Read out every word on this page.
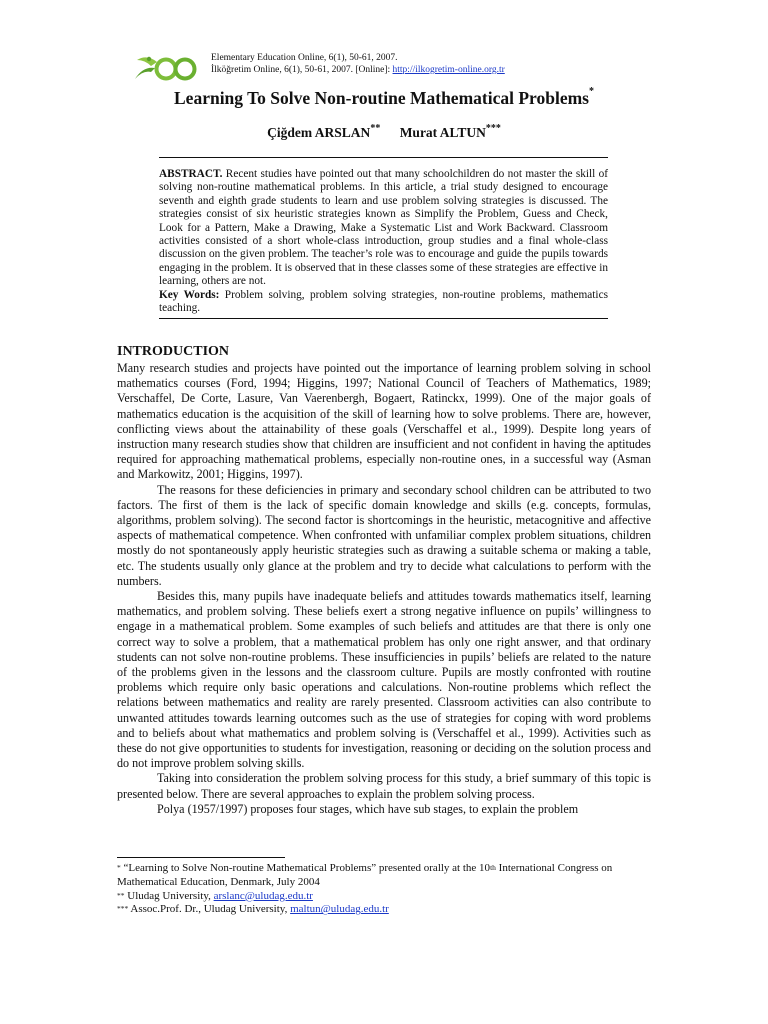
Elementary Education Online, 6(1), 50-61, 2007.
İlköğretim Online, 6(1), 50-61, 2007. [Online]: http://ilkogretim-online.org.tr
Learning To Solve Non-routine Mathematical Problems*
Çiğdem ARSLAN** Murat ALTUN***

ABSTRACT. Recent studies have pointed out that many schoolchildren do not master the skill of solving non-routine mathematical problems. In this article, a trial study designed to encourage seventh and eighth grade students to learn and use problem solving strategies is discussed. The strategies consist of six heuristic strategies known as Simplify the Problem, Guess and Check, Look for a Pattern, Make a Drawing, Make a Systematic List and Work Backward. Classroom activities consisted of a short whole-class introduction, group studies and a final whole-class discussion on the given problem. The teacher’s role was to encourage and guide the pupils towards engaging in the problem. It is observed that in these classes some of these strategies are effective in learning, others are not.

Key Words: Problem solving, problem solving strategies, non-routine problems, mathematics teaching.

INTRODUCTION

Many research studies and projects have pointed out the importance of learning problem solving in school mathematics courses (Ford, 1994; Higgins, 1997; National Council of Teachers of Mathematics, 1989; Verschaffel, De Corte, Lasure, Van Vaerenbergh, Bogaert, Ratinckx, 1999). One of the major goals of mathematics education is the acquisition of the skill of learning how to solve problems. There are, however, conflicting views about the attainability of these goals (Verschaffel et al., 1999). Despite long years of instruction many research studies show that children are insufficient and not confident in having the aptitudes required for approaching mathematical problems, especially non-routine ones, in a successful way (Asman and Markowitz, 2001; Higgins, 1997).

The reasons for these deficiencies in primary and secondary school children can be attributed to two factors. The first of them is the lack of specific domain knowledge and skills (e.g. concepts, formulas, algorithms, problem solving). The second factor is shortcomings in the heuristic, metacognitive and affective aspects of mathematical competence. When confronted with unfamiliar complex problem situations, children mostly do not spontaneously apply heuristic strategies such as drawing a suitable schema or making a table, etc. The students usually only glance at the problem and try to decide what calculations to perform with the numbers.

Besides this, many pupils have inadequate beliefs and attitudes towards mathematics itself, learning mathematics, and problem solving. These beliefs exert a strong negative influence on pupils’ willingness to engage in a mathematical problem. Some examples of such beliefs and attitudes are that there is only one correct way to solve a problem, that a mathematical problem has only one right answer, and that ordinary students can not solve non-routine problems. These insufficiencies in pupils’ beliefs are related to the nature of the problems given in the lessons and the classroom culture. Pupils are mostly confronted with routine problems which require only basic operations and calculations. Non-routine problems which reflect the relations between mathematics and reality are rarely presented. Classroom activities can also contribute to unwanted attitudes towards learning outcomes such as the use of strategies for coping with word problems and to beliefs about what mathematics and problem solving is (Verschaffel et al., 1999). Activities such as these do not give opportunities to students for investigation, reasoning or deciding on the solution process and do not improve problem solving skills.

Taking into consideration the problem solving process for this study, a brief summary of this topic is presented below. There are several approaches to explain the problem solving process.

Polya (1957/1997) proposes four stages, which have sub stages, to explain the problem

* “Learning to Solve Non-routine Mathematical Problems” presented orally at the 10th International Congress on Mathematical Education, Denmark, July 2004

** Uludag University, arslanc@uludag.edu.tr

*** Assoc.Prof. Dr., Uludag University, maltun@uludag.edu.tr
